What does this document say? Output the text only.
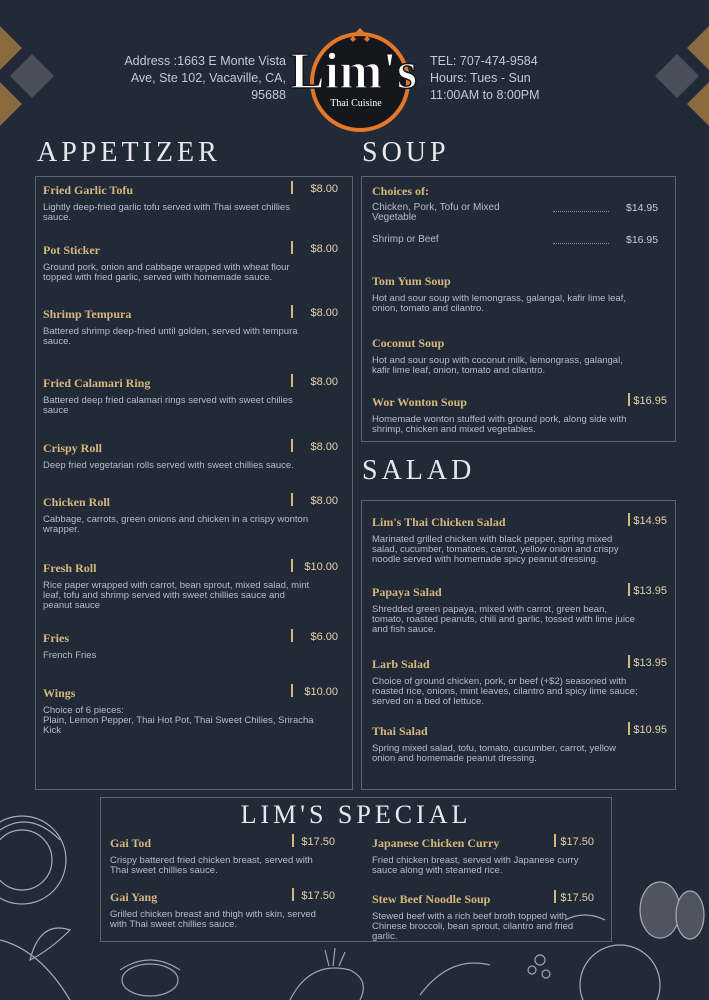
Address :1663 E Monte Vista
Ave, Ste 102, Vacaville, CA,
95688 Lim's
Thai Cuisine
TEL: 707-474-9584
Hours: Tues - Sun
11:00AM to 8:00PM
APPETIZER	SOUP
SALAD
Choices of:
Chicken, Pork, Tofu or Mixed
Vegetable
$14.95
Shrimp or Beef	$16.95
Fried Garlic Tofu	$8.00
Lightly deep-fried garlic tofu served with Thai sweet chillies
sauce.
Pot Sticker	$8.00
Ground pork, onion and cabbage wrapped with wheat flour
topped with fried garlic, served with homemade sauce.
Shrimp Tempura	$8.00
Battered shrimp deep-fried until golden, served with tempura
sauce.
Fried Calamari Ring	$8.00
Battered deep fried calamari rings served with sweet chilies
sauce
Crispy Roll	$8.00
Deep fried vegetarian rolls served with sweet chillies sauce.
Chicken Roll	$8.00
Cabbage, carrots, green onions and chicken in a crispy wonton
wrapper.
Fresh Roll	$10.00
Rice paper wrapped with carrot, bean sprout, mixed salad, mint
leaf, tofu and shrimp served with sweet chillies sauce and
peanut sauce
Fries	$6.00
French Fries
Wings	$10.00
Choice of 6 pieces:
Plain, Lemon Pepper, Thai Hot Pot, Thai Sweet Chilies, Sriracha
Kick
Tom Yum Soup
Hot and sour soup with lemongrass, galangal, kafir lime leaf,
onion, tomato and cilantro.
Coconut Soup
Hot and sour soup with coconut milk, lemongrass, galangal,
kafir lime leaf, onion, tomato and cilantro.
Wor Wonton Soup	$16.95
Homemade wonton stuffed with ground pork, along side with
shrimp, chicken and mixed vegetables.
Lim's Thai Chicken Salad	$14.95
Marinated grilled chicken with black pepper, spring mixed
salad, cucumber, tomatoes, carrot, yellow onion and crispy
noodle served with homemade spicy peanut dressing.
Papaya Salad	$13.95
Shredded green papaya, mixed with carrot, green bean,
tomato, roasted peanuts, chili and garlic, tossed with lime juice
and fish sauce.
Larb Salad	$13.95
Choice of ground chicken, pork, or beef (+$2) seasoned with
roasted rice, onions, mint leaves, cilantro and spicy lime sauce;
served on a bed of lettuce.
Thai Salad	$10.95
Spring mixed salad, tofu, tomato, cucumber, carrot, yellow
onion and homemade peanut dressing.
Gai Tod	$17.50
Crispy battered fried chicken breast, served with
Thai sweet chillies sauce.
Japanese Chicken Curry	$17.50
Fried chicken breast, served with Japanese curry
sauce along with steamed rice.
Gai Yang	$17.50
Grilled chicken breast and thigh with skin, served
with Thai sweet chillies sauce.
Stew Beef Noodle Soup	$17.50
Stewed beef with a rich beef broth topped with
Chinese broccoli, bean sprout, cilantro and fried
garlic.
LIM'S SPECIAL
